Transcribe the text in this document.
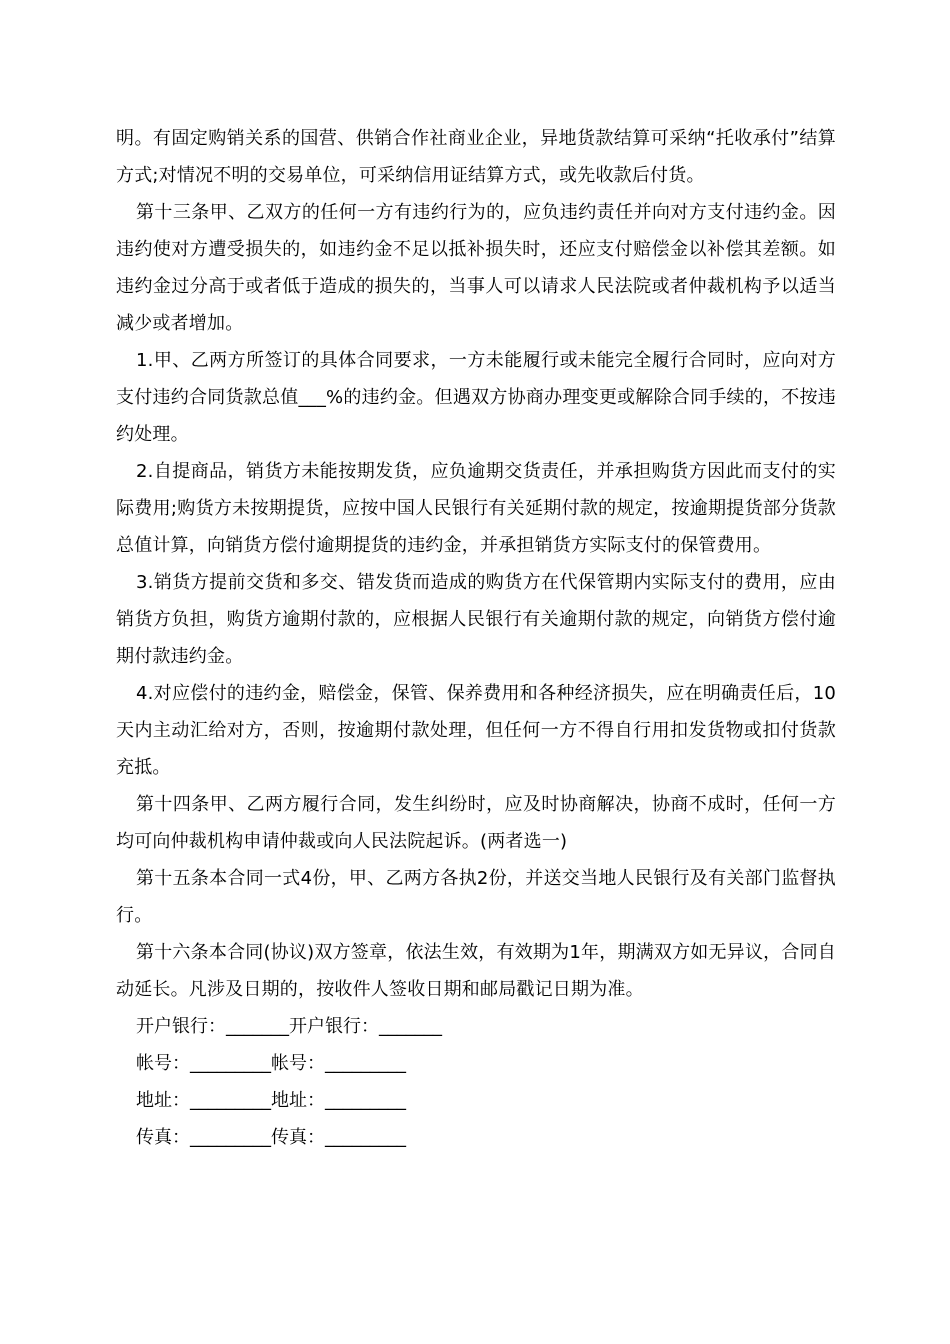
明。有固定购销关系的国营、供销合作社商业企业，异地货款结算可采纳“托收承付”结算方式;对情况不明的交易单位，可采纳信用证结算方式，或先收款后付货。

第十三条甲、乙双方的任何一方有违约行为的，应负违约责任并向对方支付违约金。因违约使对方遭受损失的，如违约金不足以抵补损失时，还应支付赔偿金以补偿其差额。如违约金过分高于或者低于造成的损失的，当事人可以请求人民法院或者仲裁机构予以适当减少或者增加。

1.甲、乙两方所签订的具体合同要求，一方未能履行或未能完全履行合同时，应向对方支付违约合同货款总值___%的违约金。但遇双方协商办理变更或解除合同手续的，不按违约处理。

2.自提商品，销货方未能按期发货，应负逾期交货责任，并承担购货方因此而支付的实际费用;购货方未按期提货，应按中国人民银行有关延期付款的规定，按逾期提货部分货款总值计算，向销货方偿付逾期提货的违约金，并承担销货方实际支付的保管费用。

3.销货方提前交货和多交、错发货而造成的购货方在代保管期内实际支付的费用，应由销货方负担，购货方逾期付款的，应根据人民银行有关逾期付款的规定，向销货方偿付逾期付款违约金。

4.对应偿付的违约金，赔偿金，保管、保养费用和各种经济损失，应在明确责任后，10天内主动汇给对方，否则，按逾期付款处理，但任何一方不得自行用扣发货物或扣付货款充抵。

第十四条甲、乙两方履行合同，发生纠纷时，应及时协商解决，协商不成时，任何一方均可向仲裁机构申请仲裁或向人民法院起诉。(两者选一)

第十五条本合同一式4份，甲、乙两方各执2份，并送交当地人民银行及有关部门监督执行。

第十六条本合同(协议)双方签章，依法生效，有效期为1年，期满双方如无异议，合同自动延长。凡涉及日期的，按收件人签收日期和邮局戳记日期为准。

开户银行：_______开户银行：_______

帐号：_________帐号：_________

地址：_________地址：_________

传真：_________传真：_________
